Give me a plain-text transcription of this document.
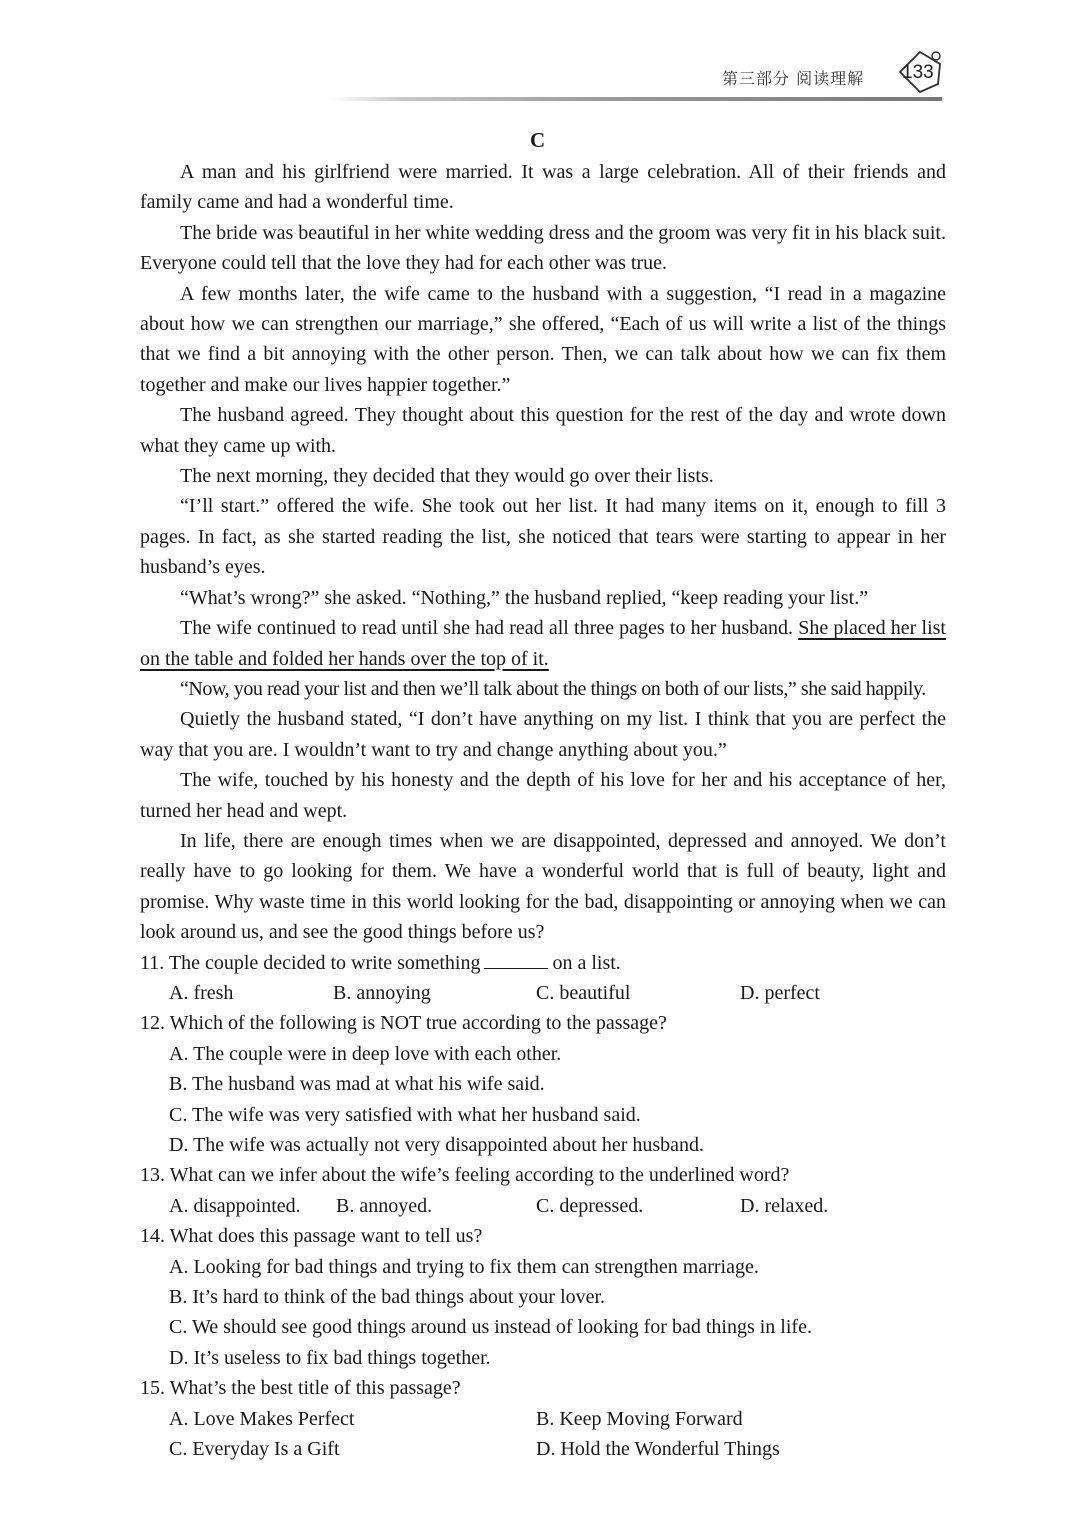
第三部分 阅读理解 133
C

A man and his girlfriend were married. It was a large celebration. All of their friends and family came and had a wonderful time.

The bride was beautiful in her white wedding dress and the groom was very fit in his black suit. Everyone could tell that the love they had for each other was true.

A few months later, the wife came to the husband with a suggestion, “I read in a magazine about how we can strengthen our marriage,” she offered, “Each of us will write a list of the things that we find a bit annoying with the other person. Then, we can talk about how we can fix them together and make our lives happier together.”

The husband agreed. They thought about this question for the rest of the day and wrote down what they came up with.

The next morning, they decided that they would go over their lists.

“I’ll start.” offered the wife. She took out her list. It had many items on it, enough to fill 3 pages. In fact, as she started reading the list, she noticed that tears were starting to appear in her husband’s eyes.

“What’s wrong?” she asked. “Nothing,” the husband replied, “keep reading your list.”

The wife continued to read until she had read all three pages to her husband. She placed her list on the table and folded her hands over the top of it.

“Now, you read your list and then we’ll talk about the things on both of our lists,” she said happily.

Quietly the husband stated, “I don’t have anything on my list. I think that you are perfect the way that you are. I wouldn’t want to try and change anything about you.”

The wife, touched by his honesty and the depth of his love for her and his acceptance of her, turned her head and wept.

In life, there are enough times when we are disappointed, depressed and annoyed. We don’t really have to go looking for them. We have a wonderful world that is full of beauty, light and promise. Why waste time in this world looking for the bad, disappointing or annoying when we can look around us, and see the good things before us?

11. The couple decided to write something	on a list.
A. fresh	B. annoying	C. beautiful	D. perfect
12. Which of the following is NOT true according to the passage?
A. The couple were in deep love with each other.
B. The husband was mad at what his wife said.
C. The wife was very satisfied with what her husband said.
D. The wife was actually not very disappointed about her husband.
13. What can we infer about the wife’s feeling according to the underlined word?
A. disappointed.	B. annoyed.	C. depressed.	D. relaxed.
14. What does this passage want to tell us?
A. Looking for bad things and trying to fix them can strengthen marriage.
B. It’s hard to think of the bad things about your lover.
C. We should see good things around us instead of looking for bad things in life.
D. It’s useless to fix bad things together.
15. What’s the best title of this passage?
A. Love Makes Perfect	B. Keep Moving Forward
C. Everyday Is a Gift	D. Hold the Wonderful Things
